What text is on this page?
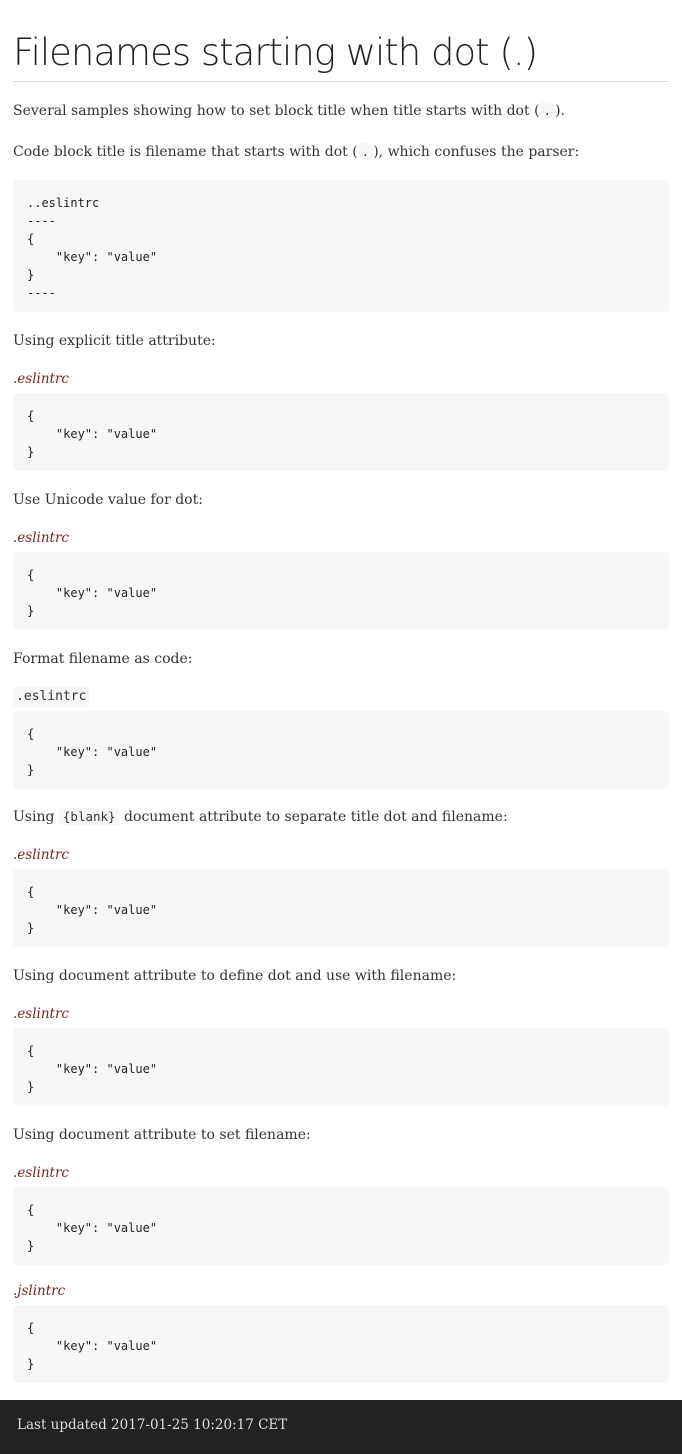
Filenames starting with dot (.)
Several samples showing how to set block title when title starts with dot ( . ).
Code block title is filename that starts with dot ( . ), which confuses the parser:
..eslintrc
----
{
"key": "value"
}
----
Using explicit title attribute:
.eslintrc
{
"key": "value"
}
Use Unicode value for dot:
.eslintrc
{
"key": "value"
}
Format filename as code:
.eslintrc
{
"key": "value"
}
Using {blank} document attribute to separate title dot and filename:
.eslintrc
{
"key": "value"
}
Using document attribute to define dot and use with filename:
.eslintrc
{
"key": "value"
}
Using document attribute to set filename:
.eslintrc
{
"key": "value"
}
.jslintrc
{
"key": "value"
}
Last updated 2017-01-25 10:20:17 CET
